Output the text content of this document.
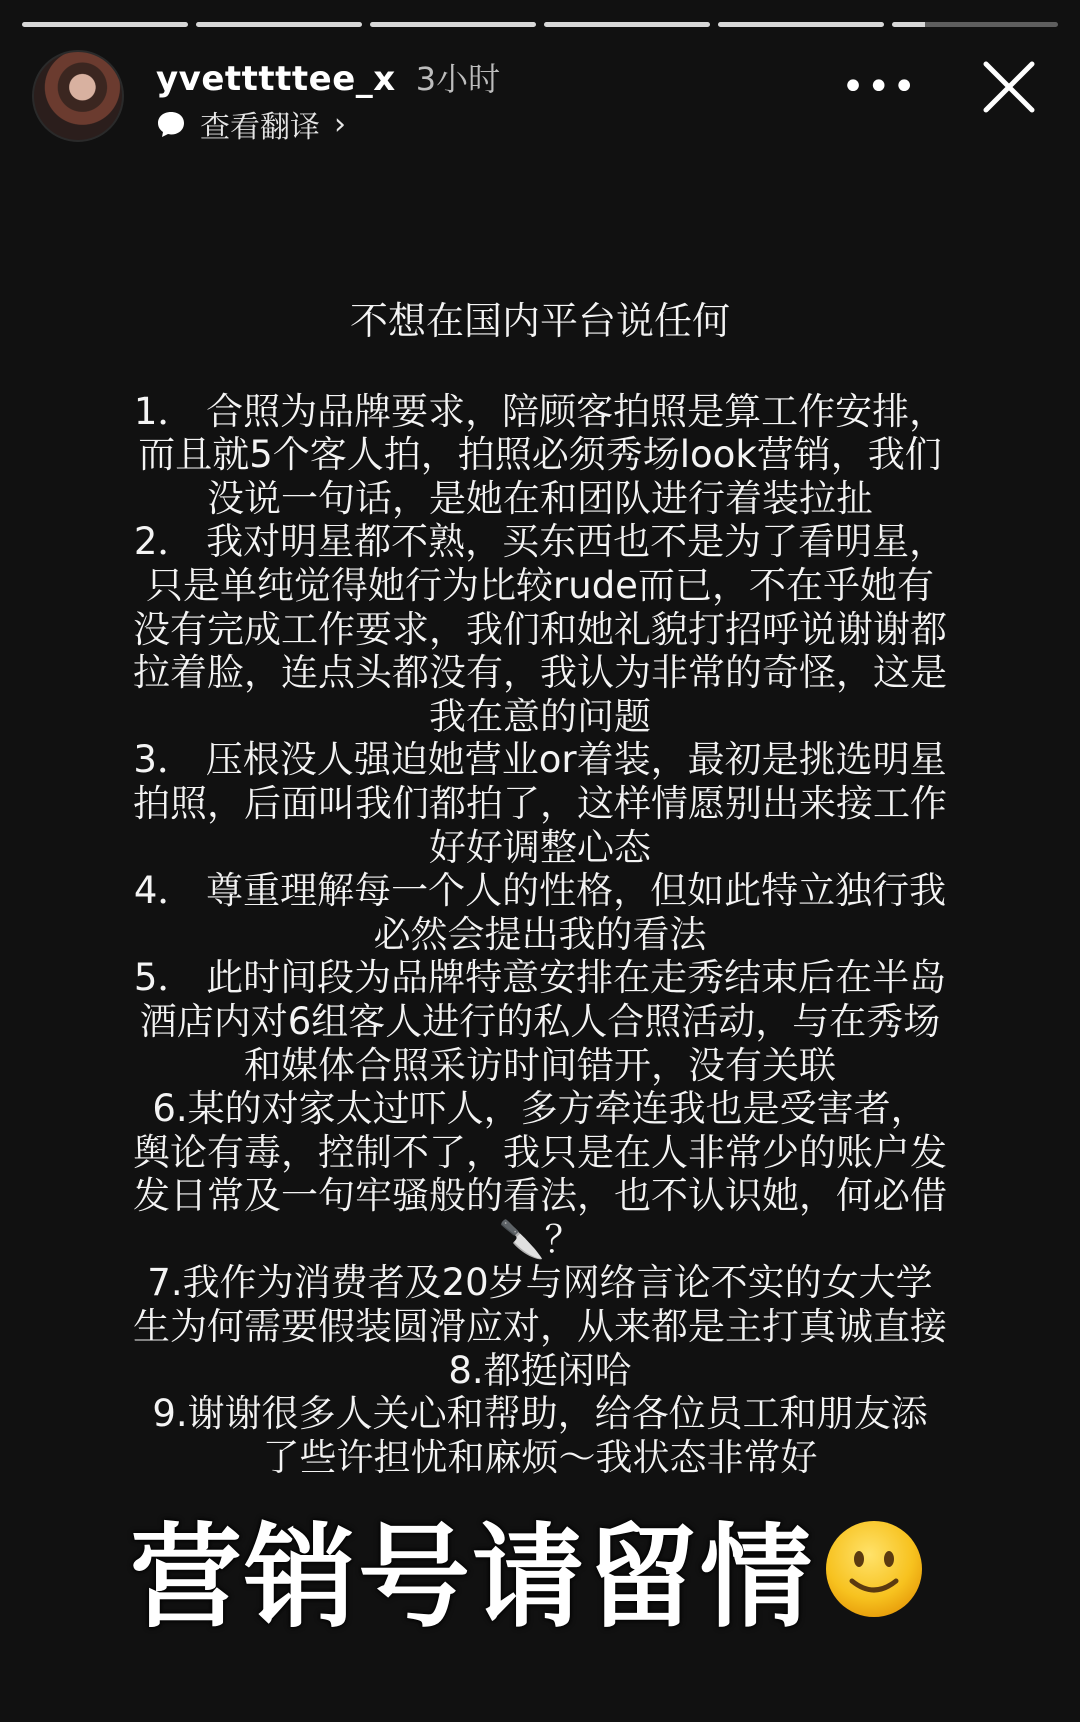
yvetttttee_x 3小时
查看翻译 ›
•••
不想在国内平台说任何
1． 合照为品牌要求，陪顾客拍照是算工作安排，
而且就5个客人拍，拍照必须秀场look营销，我们
没说一句话，是她在和团队进行着装拉扯
2． 我对明星都不熟，买东西也不是为了看明星，
只是单纯觉得她行为比较rude而已，不在乎她有
没有完成工作要求，我们和她礼貌打招呼说谢谢都
拉着脸，连点头都没有，我认为非常的奇怪，这是
我在意的问题
3． 压根没人强迫她营业or着装，最初是挑选明星
拍照，后面叫我们都拍了，这样情愿别出来接工作
好好调整心态
4． 尊重理解每一个人的性格，但如此特立独行我
必然会提出我的看法
5． 此时间段为品牌特意安排在走秀结束后在半岛
酒店内对6组客人进行的私人合照活动，与在秀场
和媒体合照采访时间错开，没有关联
6.某的对家太过吓人，多方牵连我也是受害者，
舆论有毒，控制不了，我只是在人非常少的账户发
发日常及一句牢骚般的看法，也不认识她，何必借
🔪？
7.我作为消费者及20岁与网络言论不实的女大学
生为何需要假装圆滑应对，从来都是主打真诚直接
8.都挺闲哈
9.谢谢很多人关心和帮助，给各位员工和朋友添
了些许担忧和麻烦～我状态非常好
营销号请留情
